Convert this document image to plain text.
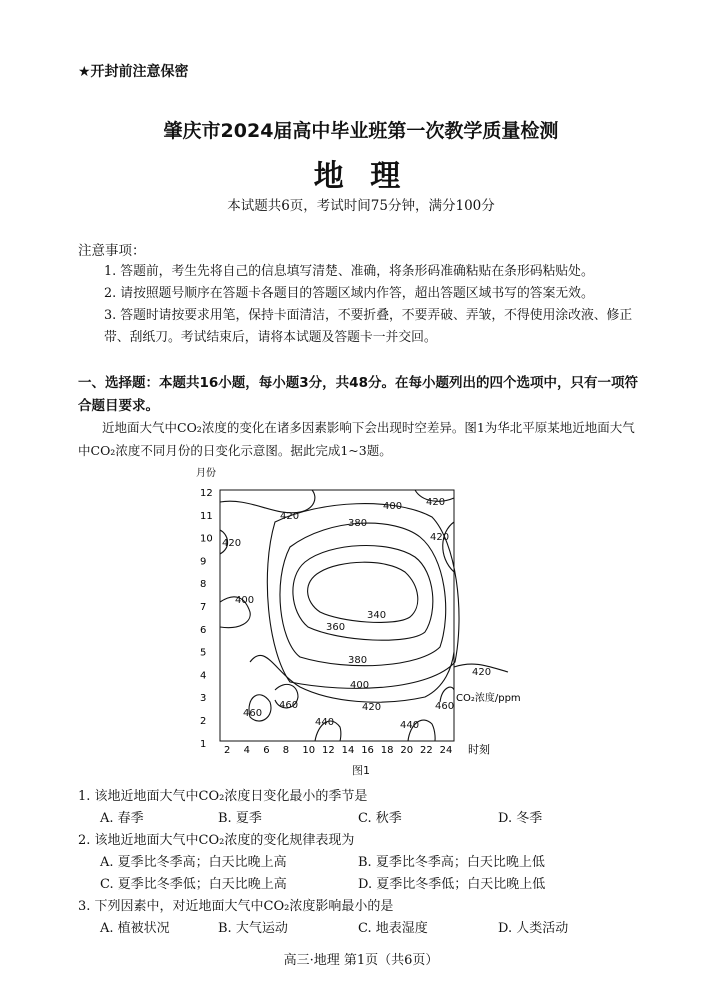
★开封前注意保密
肇庆市2024届高中毕业班第一次教学质量检测
地 理
本试题共6页，考试时间75分钟，满分100分
注意事项：
1. 答题前，考生先将自己的信息填写清楚、准确，将条形码准确粘贴在条形码粘贴处。
2. 请按照题号顺序在答题卡各题目的答题区域内作答，超出答题区域书写的答案无效。
3. 答题时请按要求用笔，保持卡面清洁，不要折叠，不要弄破、弄皱，不得使用涂改液、修正带、刮纸刀。考试结束后，请将本试题及答题卡一并交回。
一、选择题：本题共16小题，每小题3分，共48分。在每小题列出的四个选项中，只有一项符合题目要求。
近地面大气中CO₂浓度的变化在诸多因素影响下会出现时空差异。图1为华北平原某地近地面大气中CO₂浓度不同月份的日变化示意图。据此完成1~3题。
月份
12
11
10
9
8
7
6
5
4
3
2
1
2 4 6 8 10 12 14 16 18 20 22 24 时刻
420
400 420
420
380
420
400
340
360
380
400
420
460
460
440	440
460
420
CO₂浓度/ppm
图1
1. 该地近地面大气中CO₂浓度日变化最小的季节是
A. 春季	B. 夏季	C. 秋季	D. 冬季
2. 该地近地面大气中CO₂浓度的变化规律表现为
A. 夏季比冬季高；白天比晚上高	B. 夏季比冬季高；白天比晚上低
C. 夏季比冬季低；白天比晚上高	D. 夏季比冬季低；白天比晚上低
3. 下列因素中，对近地面大气中CO₂浓度影响最小的是
A. 植被状况	B. 大气运动	C. 地表湿度	D. 人类活动
高三·地理 第1页（共6页）
